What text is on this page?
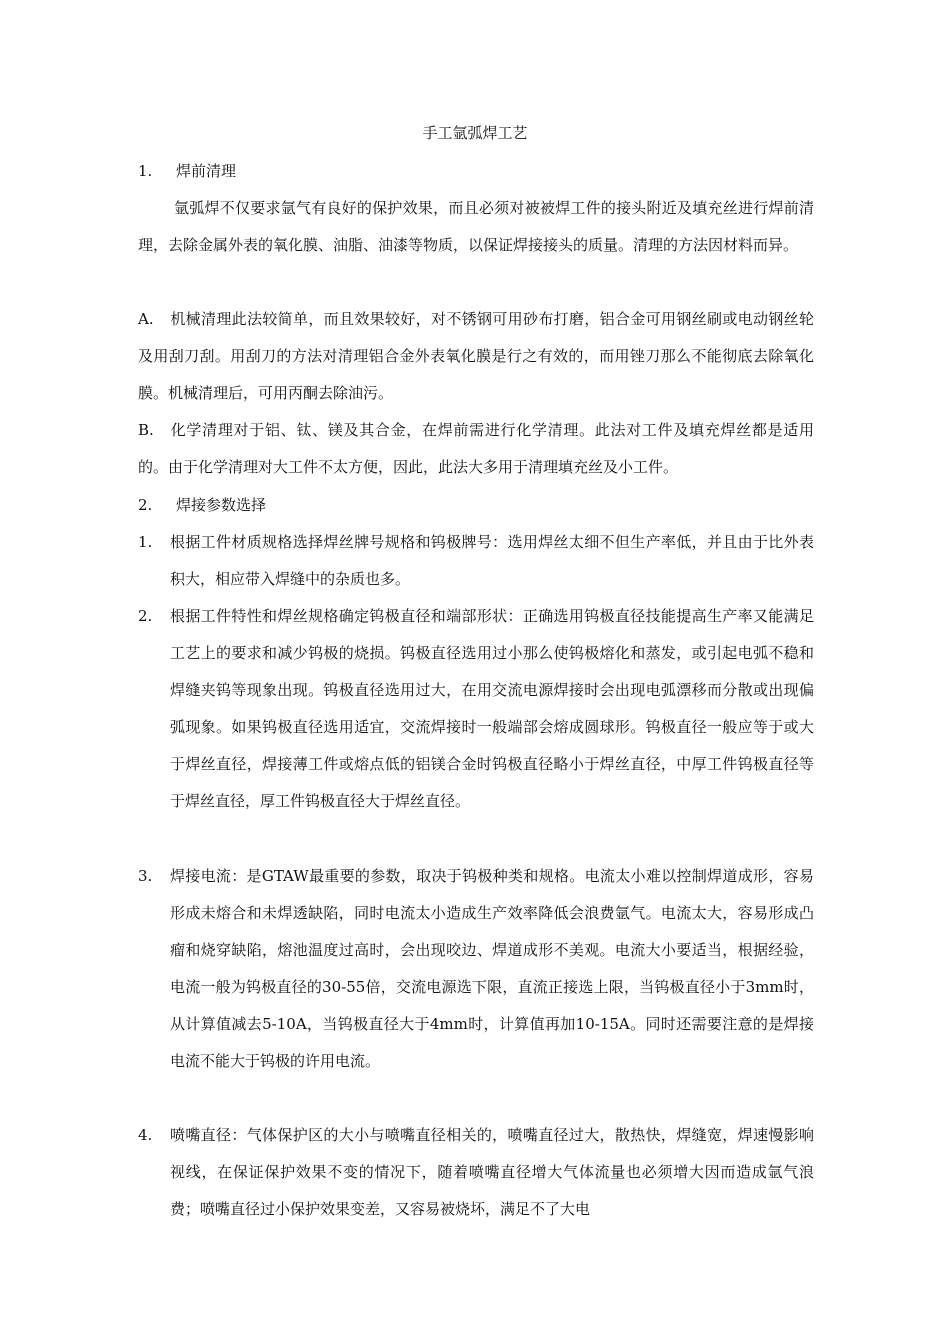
手工氩弧焊工艺
1. 焊前清理
氩弧焊不仅要求氩气有良好的保护效果，而且必须对被被焊工件的接头附近及填充丝进行焊前清理，去除金属外表的氧化膜、油脂、油漆等物质，以保证焊接接头的质量。清理的方法因材料而异。
A. 机械清理此法较简单，而且效果较好，对不锈钢可用砂布打磨，铝合金可用钢丝刷或电动钢丝轮及用刮刀刮。用刮刀的方法对清理铝合金外表氧化膜是行之有效的，而用锉刀那么不能彻底去除氧化膜。机械清理后，可用丙酮去除油污。
B. 化学清理对于铝、钛、镁及其合金，在焊前需进行化学清理。此法对工件及填充焊丝都是适用的。由于化学清理对大工件不太方便，因此，此法大多用于清理填充丝及小工件。
2. 焊接参数选择
1.	根据工件材质规格选择焊丝牌号规格和钨极牌号：选用焊丝太细不但生产率低，并且由于比外表积大，相应带入焊缝中的杂质也多。
2.	根据工件特性和焊丝规格确定钨极直径和端部形状：正确选用钨极直径技能提高生产率又能满足工艺上的要求和减少钨极的烧损。钨极直径选用过小那么使钨极熔化和蒸发，或引起电弧不稳和焊缝夹钨等现象出现。钨极直径选用过大，在用交流电源焊接时会出现电弧漂移而分散或出现偏弧现象。如果钨极直径选用适宜，交流焊接时一般端部会熔成圆球形。钨极直径一般应等于或大于焊丝直径，焊接薄工件或熔点低的铝镁合金时钨极直径略小于焊丝直径，中厚工件钨极直径等于焊丝直径，厚工件钨极直径大于焊丝直径。
3.	焊接电流：是GTAW最重要的参数，取决于钨极种类和规格。电流太小难以控制焊道成形，容易形成未熔合和未焊透缺陷，同时电流太小造成生产效率降低会浪费氩气。电流太大，容易形成凸瘤和烧穿缺陷，熔池温度过高时，会出现咬边、焊道成形不美观。电流大小要适当，根据经验，电流一般为钨极直径的30-55倍，交流电源选下限，直流正接选上限，当钨极直径小于3mm时，从计算值减去5-10A，当钨极直径大于4mm时，计算值再加10-15A。同时还需要注意的是焊接电流不能大于钨极的许用电流。
4.	喷嘴直径：气体保护区的大小与喷嘴直径相关的，喷嘴直径过大，散热快，焊缝宽，焊速慢影响视线，在保证保护效果不变的情况下，随着喷嘴直径增大气体流量也必须增大因而造成氩气浪费；喷嘴直径过小保护效果变差，又容易被烧坏，满足不了大电
